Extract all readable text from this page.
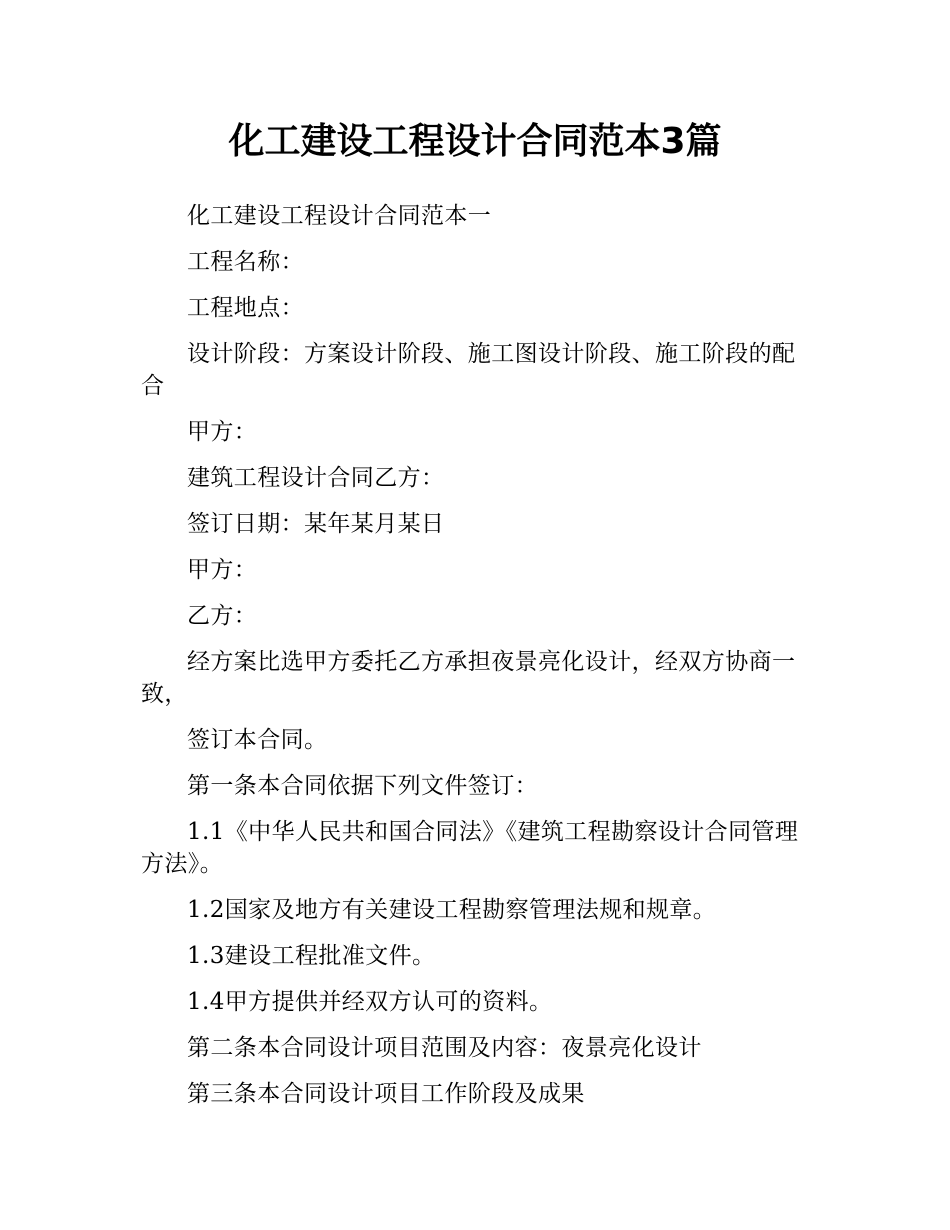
化工建设工程设计合同范本3篇

化工建设工程设计合同范本一

工程名称：

工程地点：

设计阶段：方案设计阶段、施工图设计阶段、施工阶段的配合

甲方：

建筑工程设计合同乙方：

签订日期：某年某月某日

甲方：

乙方：

经方案比选甲方委托乙方承担夜景亮化设计，经双方协商一致，

签订本合同。

第一条本合同依据下列文件签订：

1.1《中华人民共和国合同法》《建筑工程勘察设计合同管理方法》。

1.2国家及地方有关建设工程勘察管理法规和规章。

1.3建设工程批准文件。

1.4甲方提供并经双方认可的资料。

第二条本合同设计项目范围及内容：夜景亮化设计

第三条本合同设计项目工作阶段及成果
